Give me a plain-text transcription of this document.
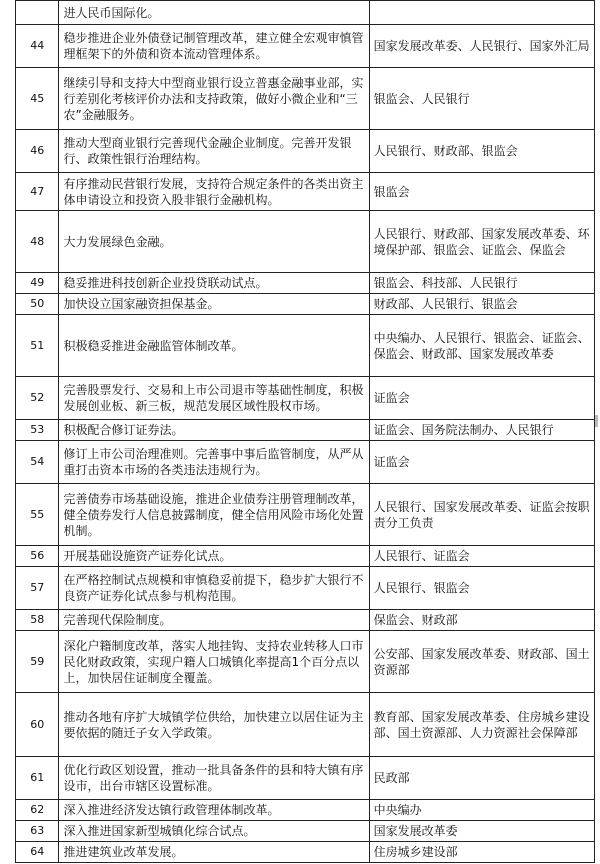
	进人民币国际化。	
44	稳步推进企业外债登记制管理改革，建立健全宏观审慎管理框架下的外债和资本流动管理体系。	国家发展改革委、人民银行、国家外汇局
45	继续引导和支持大中型商业银行设立普惠金融事业部，实行差别化考核评价办法和支持政策，做好小微企业和“三农”金融服务。	银监会、人民银行
46	推动大型商业银行完善现代金融企业制度。完善开发银行、政策性银行治理结构。	人民银行、财政部、银监会
47	有序推动民营银行发展，支持符合规定条件的各类出资主体申请设立和投资入股非银行金融机构。	银监会
48	大力发展绿色金融。	人民银行、财政部、国家发展改革委、环境保护部、银监会、证监会、保监会
49	稳妥推进科技创新企业投贷联动试点。	银监会、科技部、人民银行
50	加快设立国家融资担保基金。	财政部、人民银行、银监会
51	积极稳妥推进金融监管体制改革。	中央编办、人民银行、银监会、证监会、保监会、财政部、国家发展改革委
52	完善股票发行、交易和上市公司退市等基础性制度，积极发展创业板、新三板，规范发展区域性股权市场。	证监会
53	积极配合修订证券法。	证监会、国务院法制办、人民银行
54	修订上市公司治理准则。完善事中事后监管制度，从严从重打击资本市场的各类违法违规行为。	证监会
55	完善债券市场基础设施，推进企业债券注册管理制改革，健全债券发行人信息披露制度，健全信用风险市场化处置机制。	人民银行、国家发展改革委、证监会按职责分工负责
56	开展基础设施资产证券化试点。	人民银行、证监会
57	在严格控制试点规模和审慎稳妥前提下，稳步扩大银行不良资产证券化试点参与机构范围。	人民银行、银监会
58	完善现代保险制度。	保监会、财政部
59	深化户籍制度改革，落实人地挂钩、支持农业转移人口市民化财政政策，实现户籍人口城镇化率提高1个百分点以上，加快居住证制度全覆盖。	公安部、国家发展改革委、财政部、国土资源部
60	推动各地有序扩大城镇学位供给，加快建立以居住证为主要依据的随迁子女入学政策。	教育部、国家发展改革委、住房城乡建设部、国土资源部、人力资源社会保障部
61	优化行政区划设置，推动一批具备条件的县和特大镇有序设市，出台市辖区设置标准。	民政部
62	深入推进经济发达镇行政管理体制改革。	中央编办
63	深入推进国家新型城镇化综合试点。	国家发展改革委
64	推进建筑业改革发展。	住房城乡建设部
